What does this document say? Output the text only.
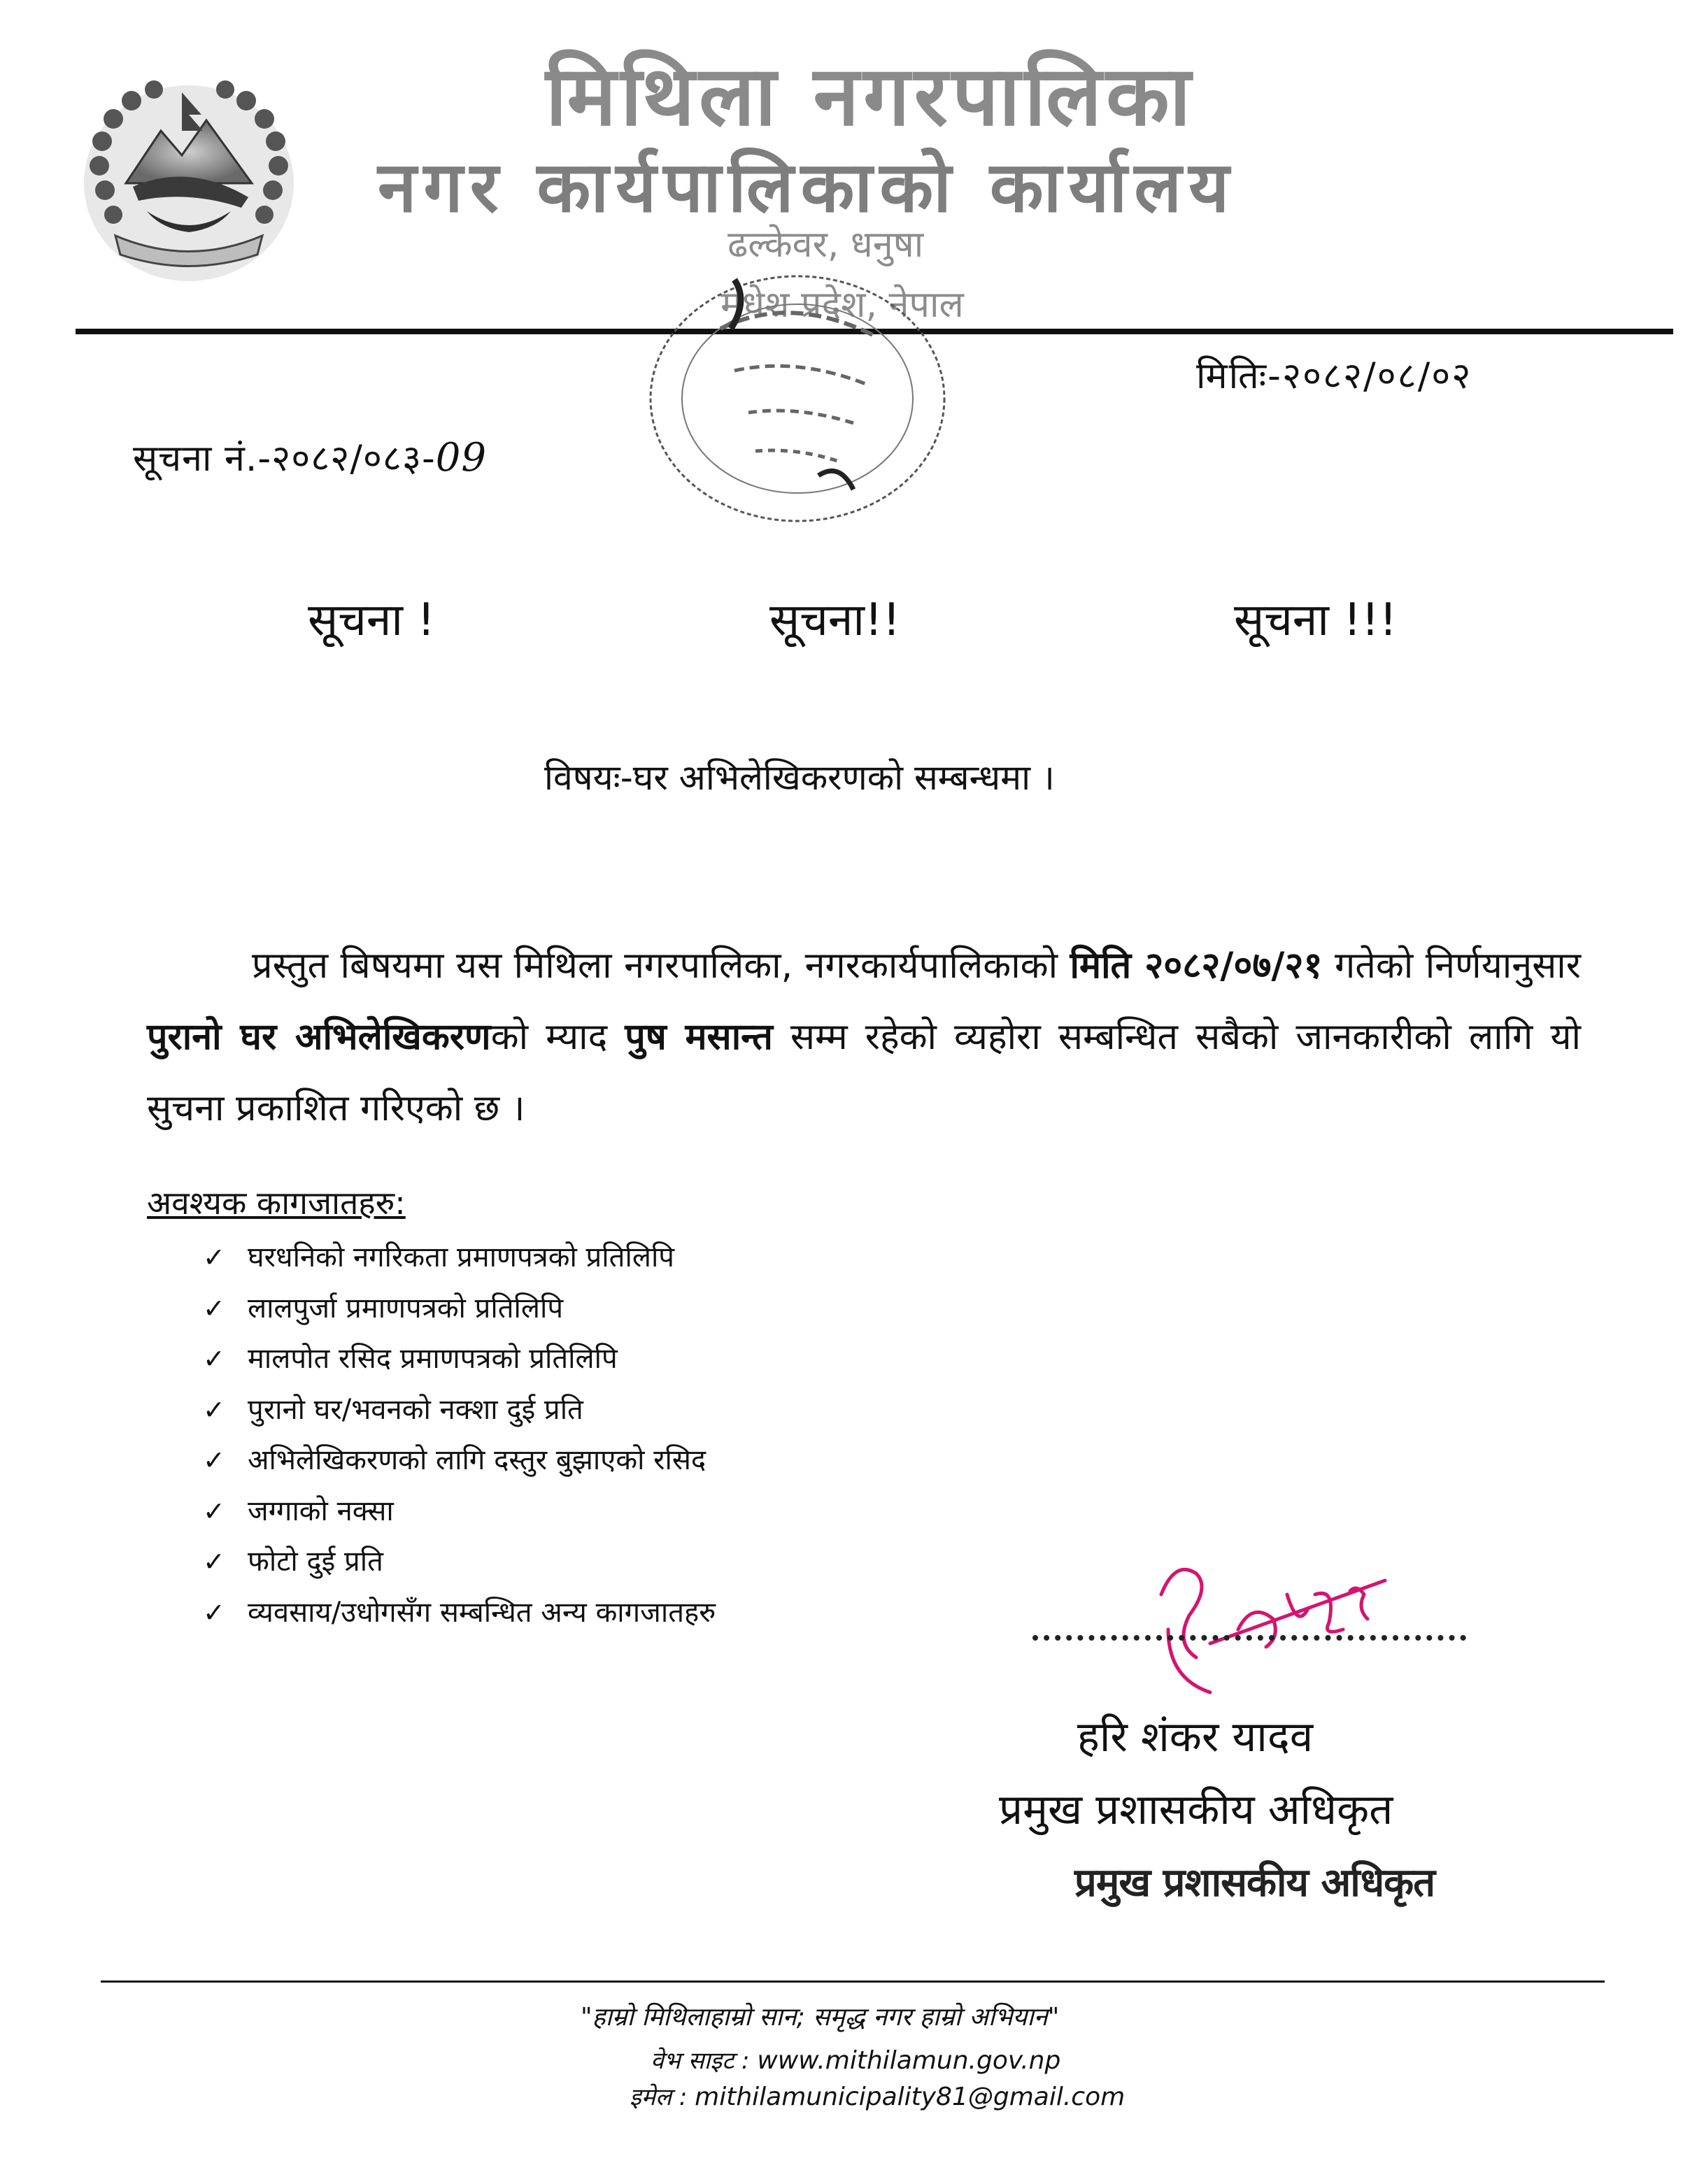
मिथिला नगरपालिका
नगर कार्यपालिकाको कार्यालय
ढल्केवर, धनुषा
मधेश प्रदेश, नेपाल
मितिः-२०८२/०८/०२
सूचना नं.-२०८२/०८३-09
सूचना !	सूचना!!	सूचना !!!
विषयः-घर अभिलेखिकरणको सम्बन्धमा ।
प्रस्तुत बिषयमा यस मिथिला नगरपालिका, नगरकार्यपालिकाको मिति २०८२/०७/२१ गतेको निर्णयानुसार पुरानो घर अभिलेखिकरणको म्याद पुष मसान्त सम्म रहेको व्यहोरा सम्बन्धित सबैको जानकारीको लागि यो सुचना प्रकाशित गरिएको छ ।
अवश्यक कागजातहरु:
✓ घरधनिको नगरिकता प्रमाणपत्रको प्रतिलिपि
✓ लालपुर्जा प्रमाणपत्रको प्रतिलिपि
✓ मालपोत रसिद प्रमाणपत्रको प्रतिलिपि
✓ पुरानो घर/भवनको नक्शा दुई प्रति
✓ अभिलेखिकरणको लागि दस्तुर बुझाएको रसिद
✓ जग्गाको नक्सा
✓ फोटो दुई प्रति
✓ व्यवसाय/उधोगसँग सम्बन्धित अन्य कागजातहरु
हरि शंकर यादव
प्रमुख प्रशासकीय अधिकृत
प्रमुख प्रशासकीय अधिकृत
"हाम्रो मिथिलाहाम्रो सान; समृद्ध नगर हाम्रो अभियान"
वेभ साइट : www.mithilamun.gov.np
इमेल : mithilamunicipality81@gmail.com
